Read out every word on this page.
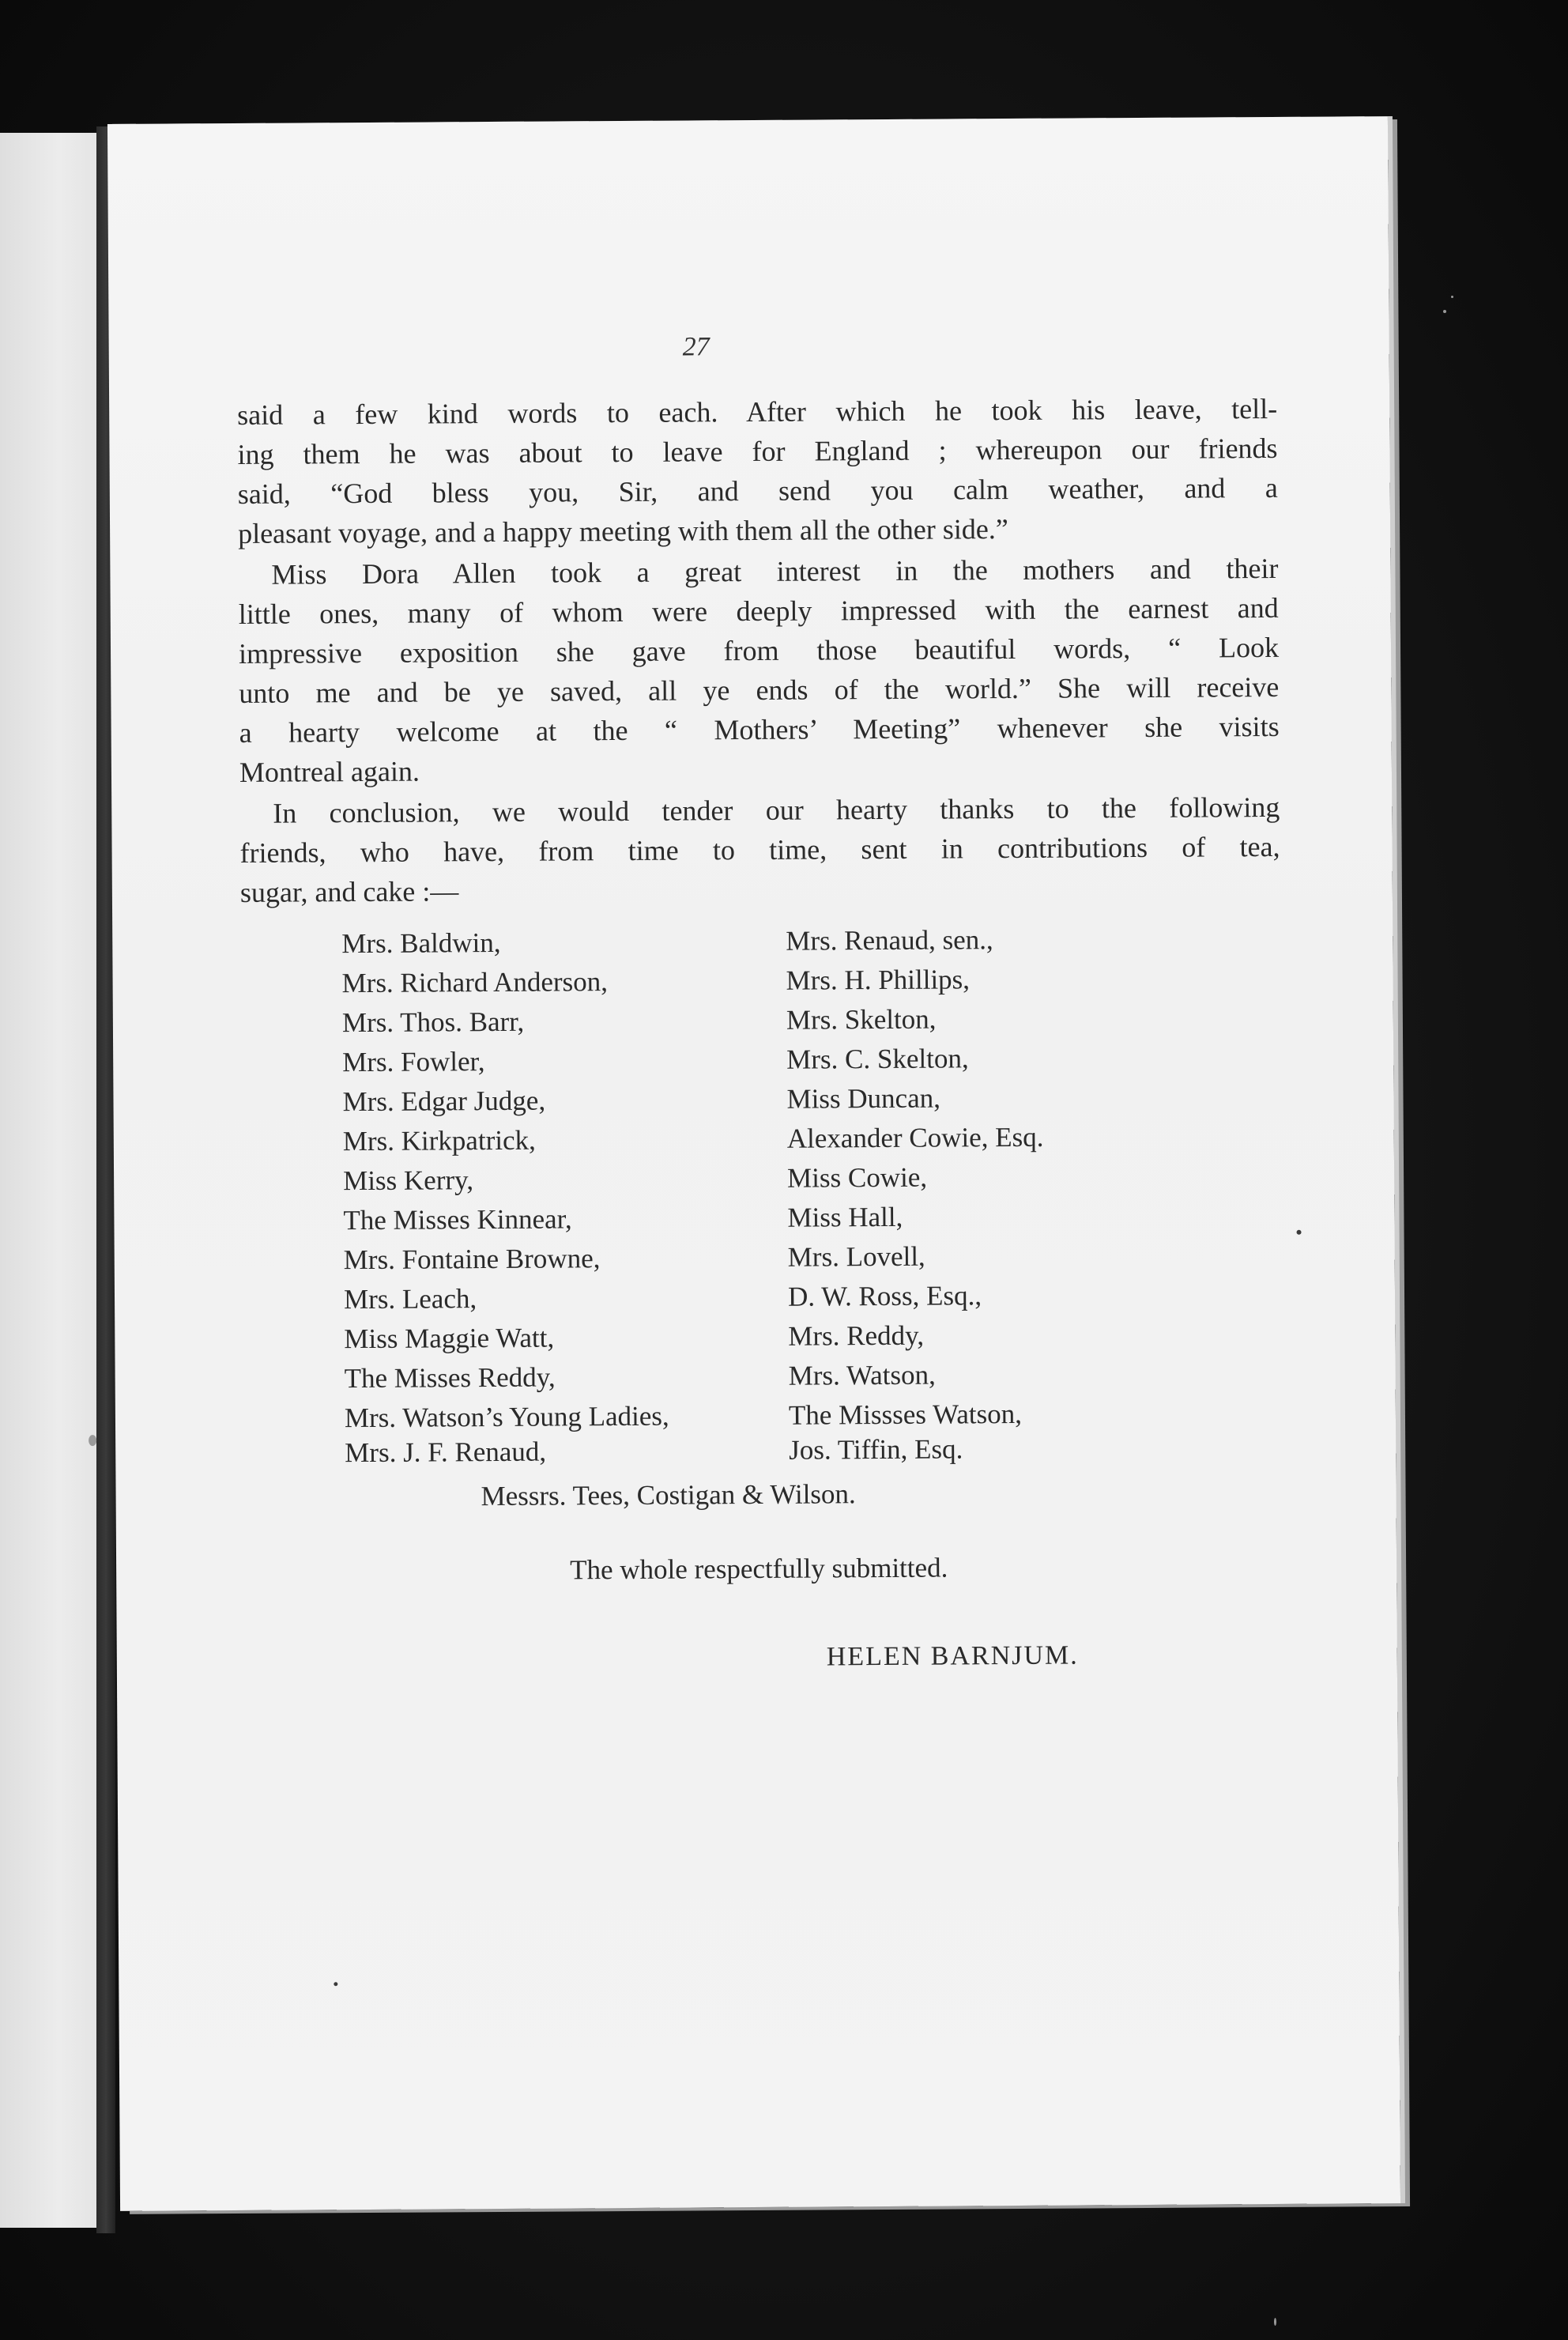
27
said a few kind words to each. After which he took his leave, tell-
ing them he was about to leave for England ; whereupon our friends
said, “God bless you, Sir, and send you calm weather, and a
pleasant voyage, and a happy meeting with them all the other side.”
Miss Dora Allen took a great interest in the mothers and their
little ones, many of whom were deeply impressed with the earnest and
impressive exposition she gave from those beautiful words, “ Look
unto me and be ye saved, all ye ends of the world.” She will receive
a hearty welcome at the “ Mothers’ Meeting” whenever she visits
Montreal again.
In conclusion, we would tender our hearty thanks to the following
friends, who have, from time to time, sent in contributions of tea,
sugar, and cake :—
Mrs. Baldwin,
Mrs. Richard Anderson,
Mrs. Thos. Barr,
Mrs. Fowler,
Mrs. Edgar Judge,
Mrs. Kirkpatrick,
Miss Kerry,
The Misses Kinnear,
Mrs. Fontaine Browne,
Mrs. Leach,
Miss Maggie Watt,
The Misses Reddy,
Mrs. Watson’s Young Ladies,
Mrs. J. F. Renaud,
Mrs. Renaud, sen.,
Mrs. H. Phillips,
Mrs. Skelton,
Mrs. C. Skelton,
Miss Duncan,
Alexander Cowie, Esq.
Miss Cowie,
Miss Hall,
Mrs. Lovell,
D. W. Ross, Esq.,
Mrs. Reddy,
Mrs. Watson,
The Missses Watson,
Jos. Tiffin, Esq.
Messrs. Tees, Costigan & Wilson.
The whole respectfully submitted.
HELEN BARNJUM.
